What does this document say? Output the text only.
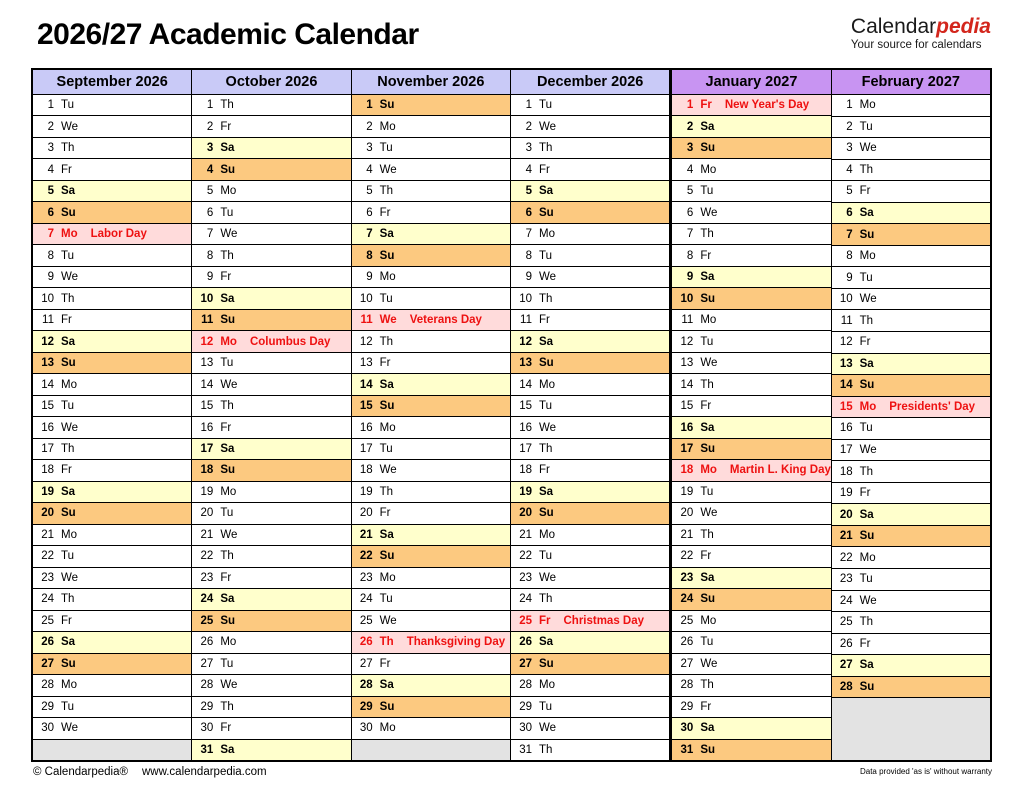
2026/27 Academic Calendar	Calendarpedia
Your source for calendars
September 2026
1 Tu
2 We
3 Th
4 Fr
5 Sa
6 Su
7 Mo Labor Day
8 Tu
9 We
10 Th
11 Fr
12 Sa
13 Su
14 Mo
15 Tu
16 We
17 Th
18 Fr
19 Sa
20 Su
21 Mo
22 Tu
23 We
24 Th
25 Fr
26 Sa
27 Su
28 Mo
29 Tu
30 We
October 2026
1 Th
2 Fr
3 Sa
4 Su
5 Mo
6 Tu
7 We
8 Th
9 Fr
10 Sa
11 Su
12 Mo Columbus Day
13 Tu
14 We
15 Th
16 Fr
17 Sa
18 Su
19 Mo
20 Tu
21 We
22 Th
23 Fr
24 Sa
25 Su
26 Mo
27 Tu
28 We
29 Th
30 Fr
31 Sa
November 2026
1 Su
2 Mo
3 Tu
4 We
5 Th
6 Fr
7 Sa
8 Su
9 Mo
10 Tu
11 We Veterans Day
12 Th
13 Fr
14 Sa
15 Su
16 Mo
17 Tu
18 We
19 Th
20 Fr
21 Sa
22 Su
23 Mo
24 Tu
25 We
26 Th Thanksgiving Day
27 Fr
28 Sa
29 Su
30 Mo
December 2026
1 Tu
2 We
3 Th
4 Fr
5 Sa
6 Su
7 Mo
8 Tu
9 We
10 Th
11 Fr
12 Sa
13 Su
14 Mo
15 Tu
16 We
17 Th
18 Fr
19 Sa
20 Su
21 Mo
22 Tu
23 We
24 Th
25 Fr Christmas Day
26 Sa
27 Su
28 Mo
29 Tu
30 We
31 Th
January 2027
1 Fr New Year's Day
2 Sa
3 Su
4 Mo
5 Tu
6 We
7 Th
8 Fr
9 Sa
10 Su
11 Mo
12 Tu
13 We
14 Th
15 Fr
16 Sa
17 Su
18 Mo Martin L. King Day
19 Tu
20 We
21 Th
22 Fr
23 Sa
24 Su
25 Mo
26 Tu
27 We
28 Th
29 Fr
30 Sa
31 Su
February 2027
1 Mo
2 Tu
3 We
4 Th
5 Fr
6 Sa
7 Su
8 Mo
9 Tu
10 We
11 Th
12 Fr
13 Sa
14 Su
15 Mo Presidents' Day
16 Tu
17 We
18 Th
19 Fr
20 Sa
21 Su
22 Mo
23 Tu
24 We
25 Th
26 Fr
27 Sa
28 Su
© Calendarpedia® www.calendarpedia.com	Data provided 'as is' without warranty
